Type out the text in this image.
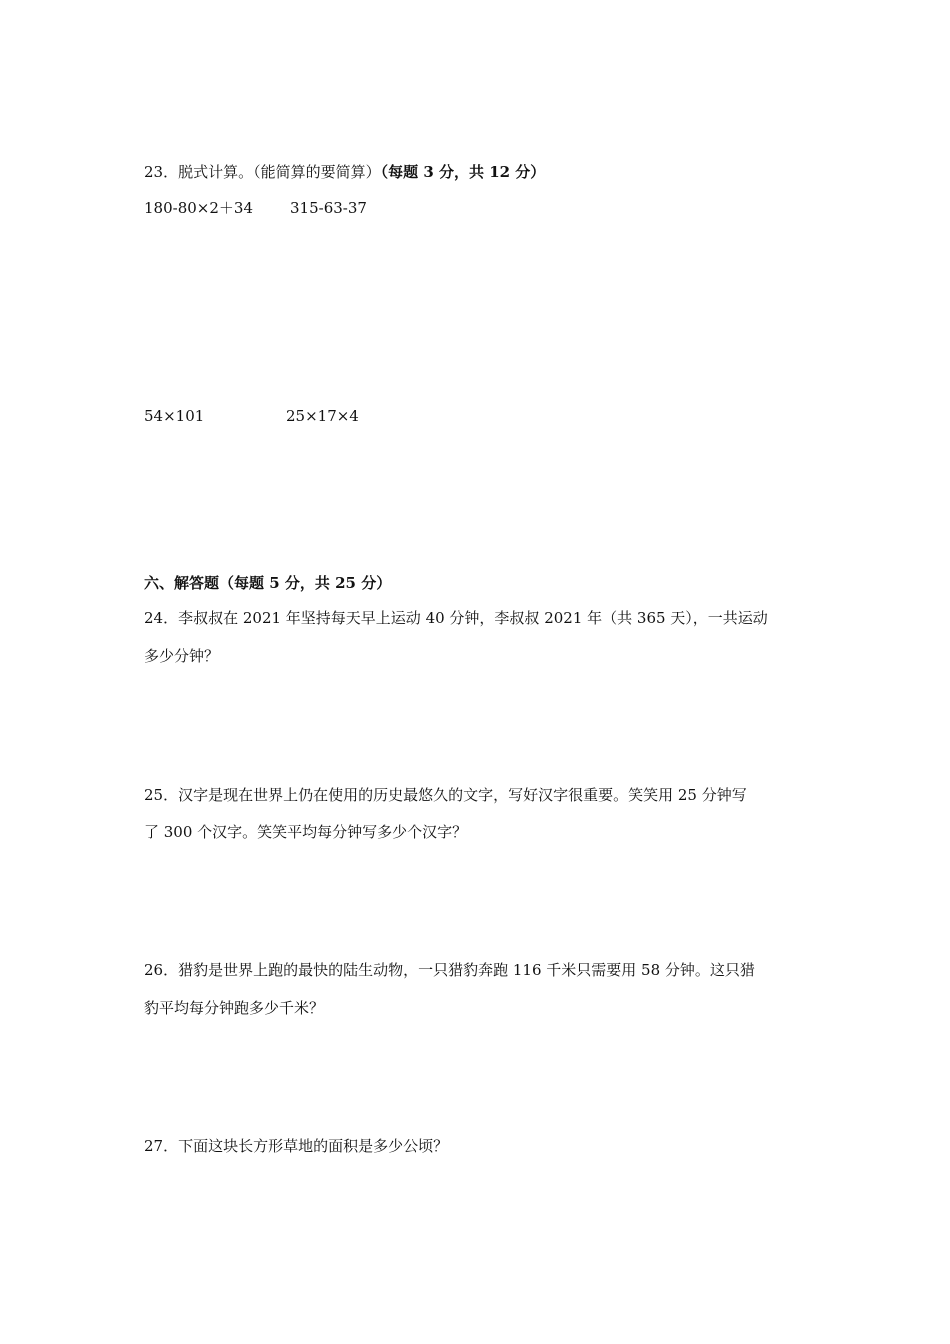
23．脱式计算。（能简算的要简算）（每题 3 分，共 12 分）
180-80×2＋34 315-63-37
54×101	25×17×4
六、解答题（每题 5 分，共 25 分）
24．李叔叔在 2021 年坚持每天早上运动 40 分钟，李叔叔 2021 年（共 365 天），一共运动
多少分钟？
25．汉字是现在世界上仍在使用的历史最悠久的文字，写好汉字很重要。笑笑用 25 分钟写
了 300 个汉字。笑笑平均每分钟写多少个汉字？
26．猎豹是世界上跑的最快的陆生动物，一只猎豹奔跑 116 千米只需要用 58 分钟。这只猎
豹平均每分钟跑多少千米？
27．下面这块长方形草地的面积是多少公顷？
